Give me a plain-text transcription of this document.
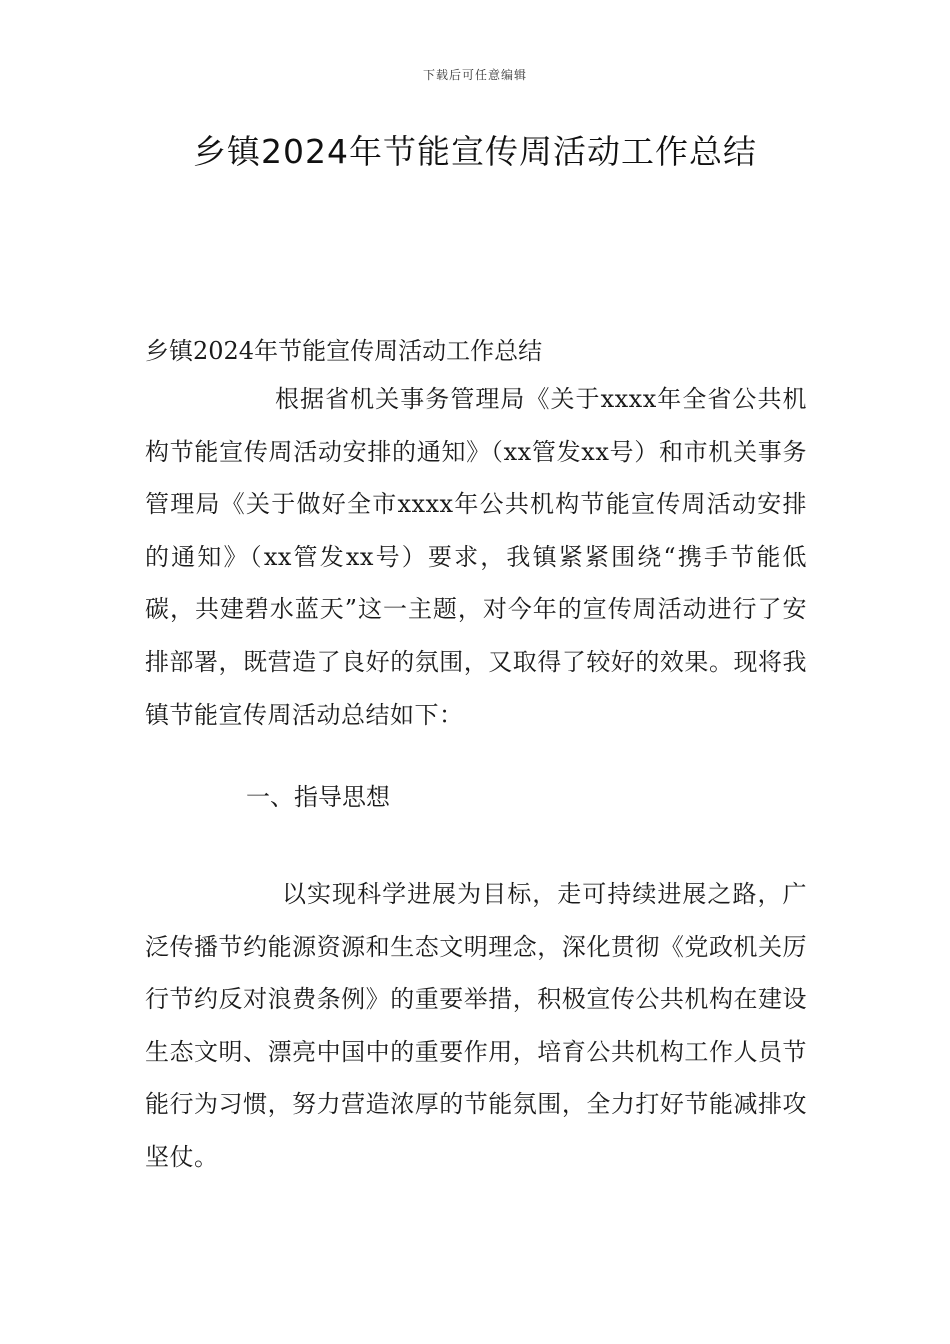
下载后可任意编辑
乡镇2024年节能宣传周活动工作总结
乡镇2024年节能宣传周活动工作总结
根据省机关事务管理局《关于xxxx年全省公共机构节能宣传周活动安排的通知》（xx管发xx号）和市机关事务管理局《关于做好全市xxxx年公共机构节能宣传周活动安排的通知》（xx管发xx号）要求，我镇紧紧围绕“携手节能低碳，共建碧水蓝天”这一主题，对今年的宣传周活动进行了安排部署，既营造了良好的氛围，又取得了较好的效果。现将我镇节能宣传周活动总结如下：
一、指导思想
以实现科学进展为目标，走可持续进展之路，广泛传播节约能源资源和生态文明理念，深化贯彻《党政机关厉行节约反对浪费条例》的重要举措，积极宣传公共机构在建设生态文明、漂亮中国中的重要作用，培育公共机构工作人员节能行为习惯，努力营造浓厚的节能氛围，全力打好节能减排攻坚仗。
